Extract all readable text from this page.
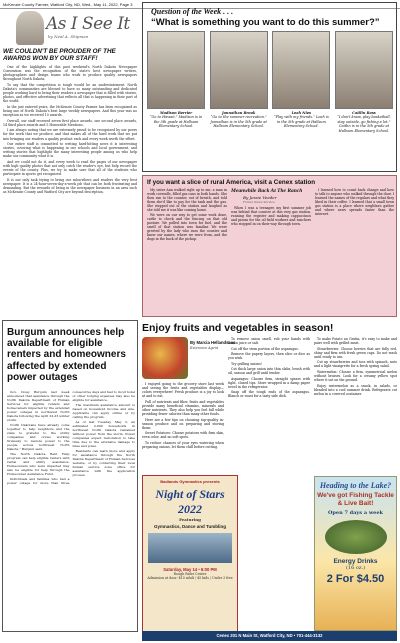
McKenzie County Farmer, Watford City, ND, Wed., May 11, 2022, Page 3
As I See It
by Neal A. Shipman
WE COULDN'T BE PROUDER OF THE AWARDS WON BY OUR STAFF!

One of the highlights of this past weekend's North Dakota Newspaper Convention was the recognition of the state's best newspaper writers, photographers and design teams who work to produce quality newspapers throughout North Dakota.

To say that the competition is tough would be an understatement. North Dakota's communities are blessed to have so many outstanding and dedicated people working hard to bring their readers a newspaper that is filled with stories, photos, and effective advertising that reflects all that is happening in their part of the world.

In the just entered years, the McKenzie County Farmer has been recognized as being one of North Dakota's best large weekly newspapers. And this year was no exception as we received 10 awards.

Overall, our staff received seven first place awards, one second place awards, 14 third place awards and 5 Honorable Mentions.

I am always noting that we are extremely proud to be recognized by our peers for the work that we produce, and that makes all of the hard work that we put into bringing our readers a quality product each and every week worth the effort.

Our entire staff is committed to writing hard-hitting news it is interesting stories, covering what is happening in our schools and local government, and writing stories that highlight the many interesting people among us who help make our community what it is.

And we could not do it, and every week to read the pages of our newspaper with high quality photos that not only catch the reader's eye, but help record the events of the county. Plus, we try to make sure that all of the students who participate in sports get recognized.

It is our only task trying to bring our subscribers and readers the very best newspaper. It is a 24-hour-seven-day-a-week job that can be both frustrating and demanding. But the rewards of being in the newspaper business in an area such as McKenzie County and Watford City are beyond description.

Question of the Week . . .
“What is something you want to do this summer?”
Madison Berrier
“Go to Hawaii.” Madison is in the 5th grade at Hallsum Elementary School.
Jonnathan Brook
“Go to the summer recreation.” Jonnathan is in the 5th grade at Hallsum Elementary School.
Leah Nies
“Play with my friends.” Leah is in the 5th grade at Hallsum Elementary School.
Caitlin Ross
“I don't know, play basketball, stay outside, go fishing a lot.” Caitlin is in the 5th grade at Hallsum Elementary School.
If you want a slice of rural America, visit a Cenex station
Meanwhile Back At The Ranch
By Jessie Veeder
Forum News Service

My sister Ann walked right up to me, a man in work coveralls, filled gas cans in both hands. She then ran to the counter, out of breath, and told them she'd like to pay for the tank and the gas. She stepped out of the station and laughed as she told me it was like coming home.

We were on our way to get some work done, cattle to check and the fencing on that old pasture. We pulled into town for fuel, and the smell of that station was familiar. We were greeted by the lady who runs the counter and knew our names, where we were from, and the dogs in the back of the pickup.

When I was a teenager, my first summer job was behind that counter at this very gas station, running the register and making cappuccinos and pizzas for the oil field workers and ranchers who stopped in on their way through town.

I learned how to count back change and how to talk to anyone who walked through the door. I learned the names of the regulars and what they liked in their coffee. I learned that a small town gas station is a place where neighbors gather and where news spreads faster than the internet.

Burgum announces help available for eligible renters and homeowners affected by extended power outages

Gov. Doug Burgum last week announced that assistance through the North Dakota Department of Human Services for eligible renters and homeowners impacted by the extended power outages in northwest North Dakota following the April 22-23 winter storm.

North Dakotans have already come together to help neighbors and the state is grateful to the utility companies and crews working tirelessly to restore power to the people across northwest North Dakota,” Burgum said.

The North Dakota Rent Help program can help eligible renters with rental and utility assistance. Homeowners who were impacted may also be eligible for help through the Homeowner Assistance Fund.

Individuals and families who had a power outage for more than three consecutive days and had to incur hotel or other lodging expenses may also be eligible for assistance.

The maximum assistance amount is based on household income and size. Applicants can apply online or by calling the program.

As of last Tuesday, May 3, an estimated 2,000 households in northwest North Dakota remained without power from the storm. Power companies expect restoration to take time due to the extensive damage to lines and poles.

Residents can learn more and apply for assistance through the North Dakota Department of Human Services website, or by contacting their local human service zone office for assistance with the application process.

Enjoy fruits and vegetables in season!
By Marcia Hellandsaas
Extension Agent

I enjoyed going to the grocery store last week and seeing the fruits and vegetables display—colors everywhere! Fresh produce is a joy to look at and to eat.

Full of nutrients and fiber, fruits and vegetables provide many beneficial vitamins, minerals and other nutrients. They also help you feel full while providing fewer calories than many other foods.

Here are a few tips on choosing top-quality in-season produce and on preparing and storing them:

Sweet Potatoes: Choose potatoes with firm skin, even color, and no soft spots.

To reduce chances of your eyes watering when preparing onions, let them chill before cutting.

To remove onion smell, rub your hands with lemon juice or salt.

Cut off the stem portion of the asparagus.

Remove the papery layers, then slice or dice as you wish.

Try grilling onions!

Cut thick large onion into thin slabs, brush with oil, season and grill until tender.

Asparagus: Choose firm, straight spears with tight, closed tips. Store wrapped in a damp paper towel in the refrigerator.

Snap off the tough ends of the asparagus. Blanch or roast for a tasty side dish.

To make Potato au Gratin, it's easy to make and pairs well with grilled meat.

Strawberries: Choose berries that are fully red, shiny and firm with fresh green caps. Do not wash until ready to use.

Cut up strawberries and toss with spinach, nuts and a light vinaigrette for a fresh spring salad.

Watermelon: Choose a firm, symmetrical melon without bruises. Look for a creamy yellow spot where it sat on the ground.

Enjoy watermelon as a snack, in salads, or blended into a cool summer drink. Refrigerate cut melon in a covered container.

Badlands Gymnastics presents
Night of Stars 2022
Featuring
Gymnastics, Dance and Tumbling
Saturday, May 14 • 6:00 PM
Rough Rider Center
Admission at door: $10 adult / $5 kids / Under 3 free
Heading to the Lake?
We've got Fishing Tackle & Live Bait!
Open 7 days a week
Energy Drinks
(16 oz.)
2 For $4.50
Cenex 201 N Main St, Watford City, ND • 701-444-3132
